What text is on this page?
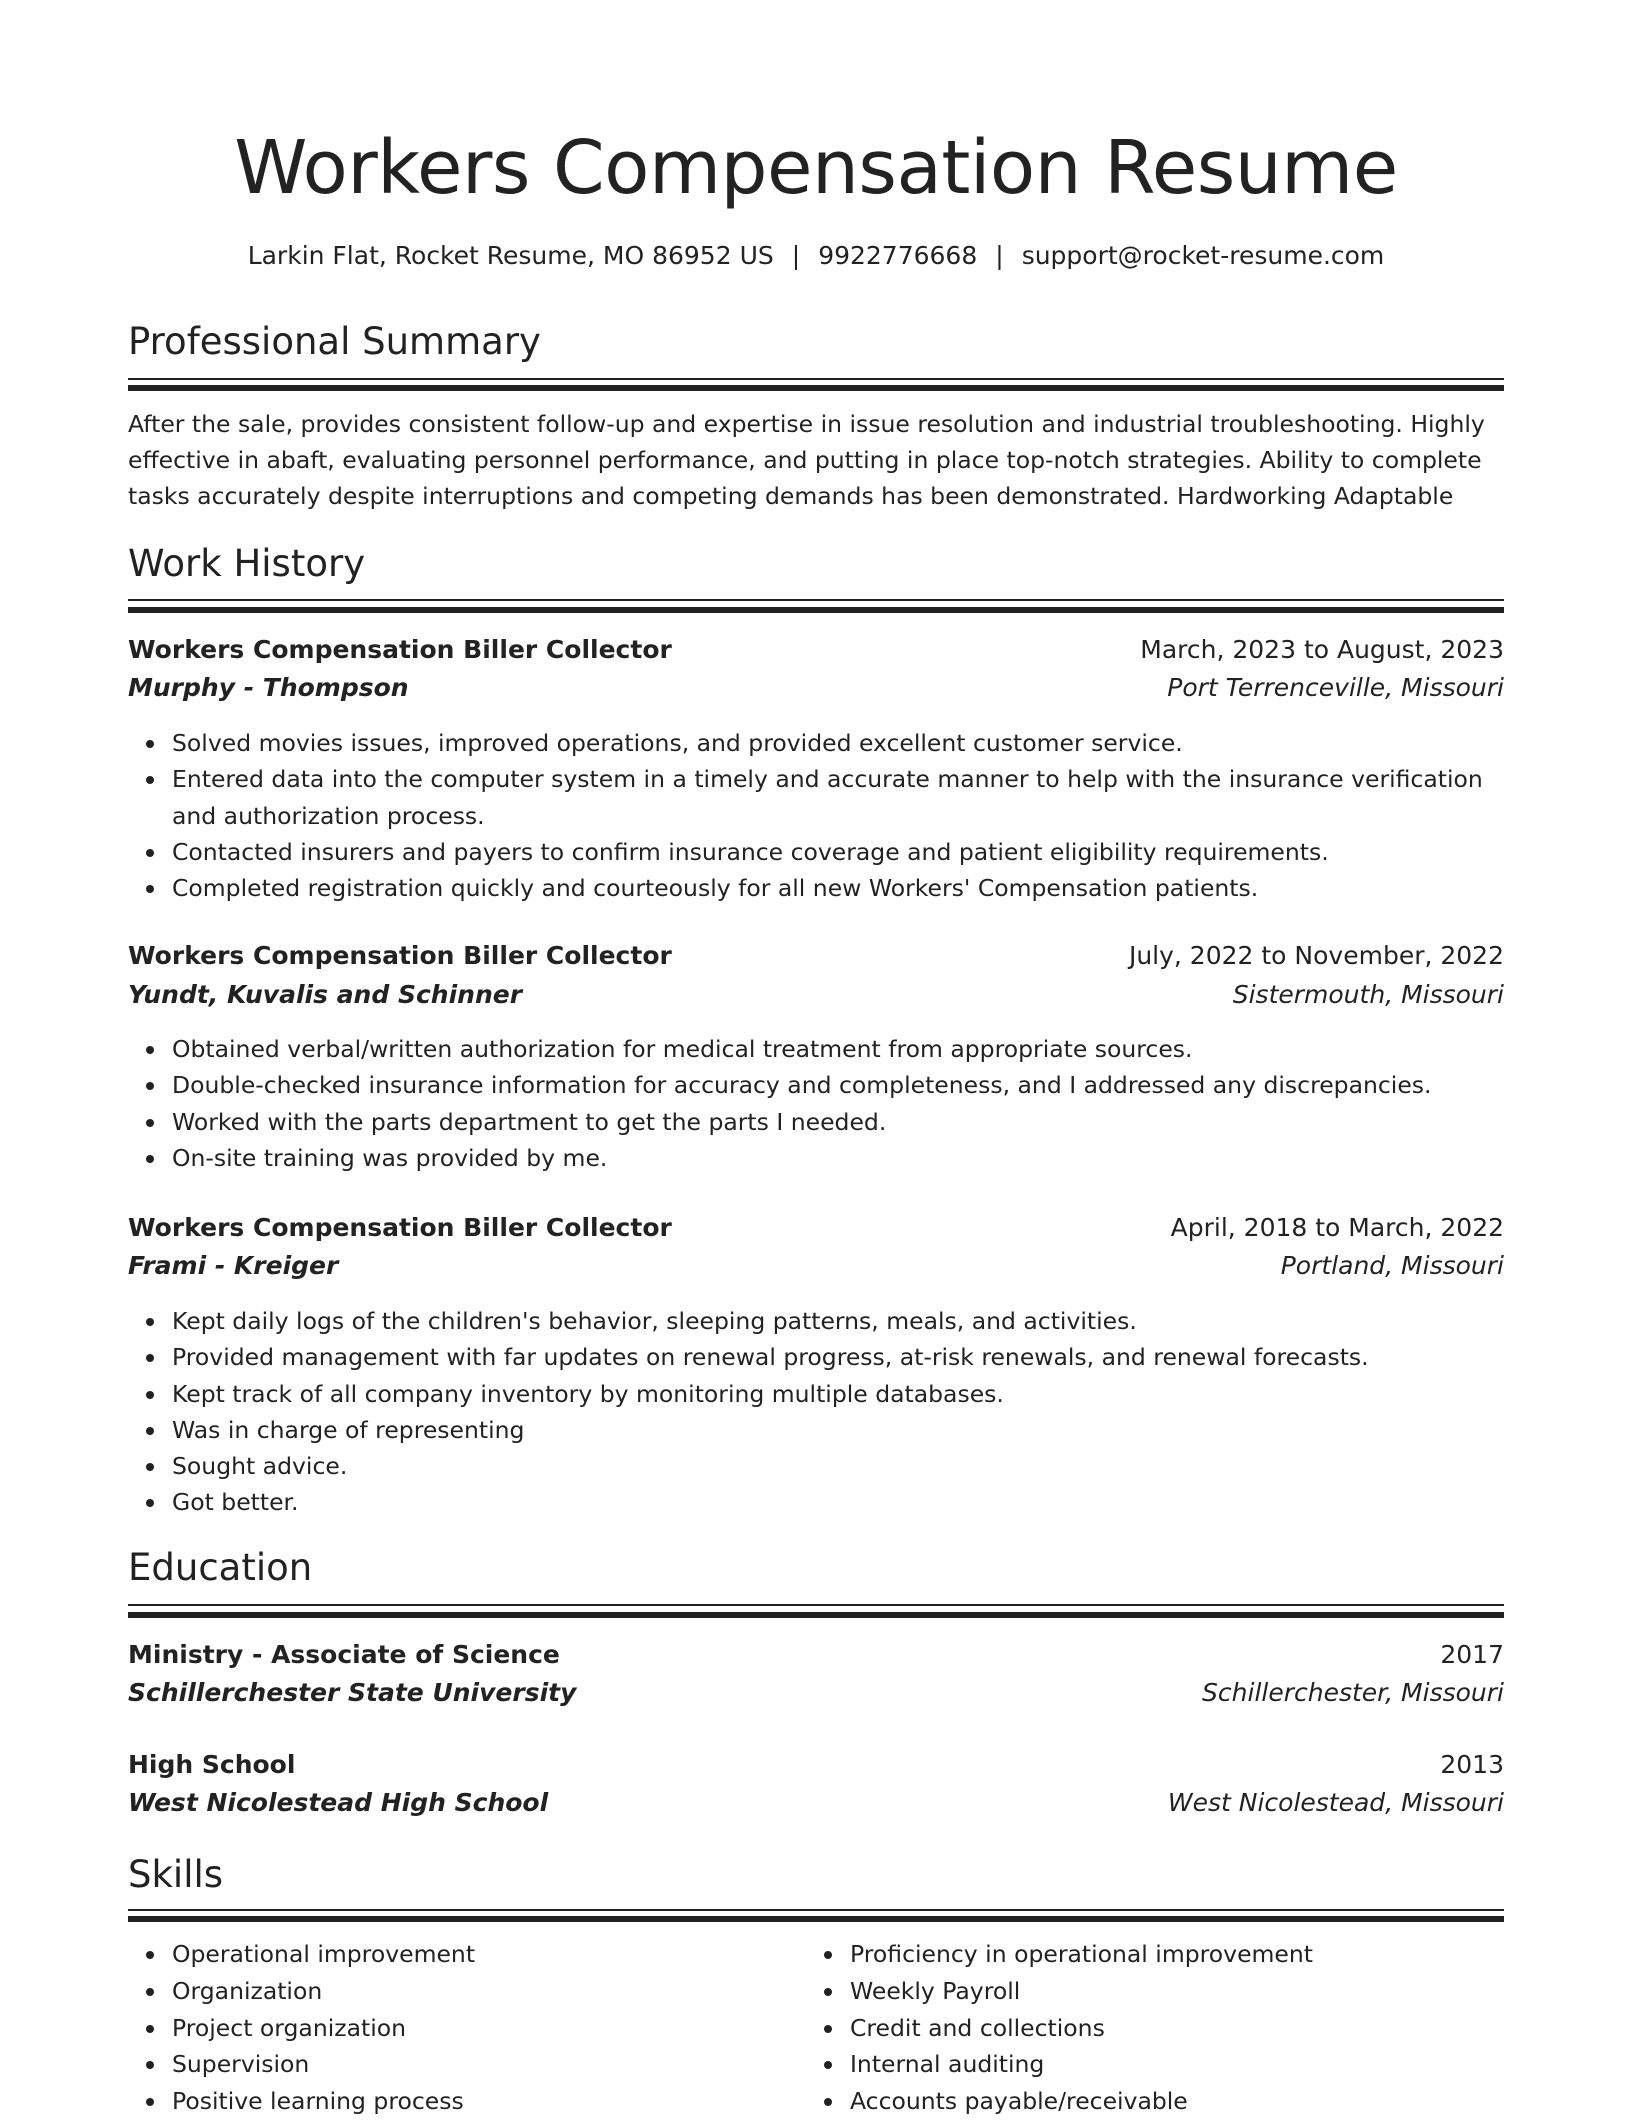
Workers Compensation Resume
Larkin Flat, Rocket Resume, MO 86952 US | 9922776668 | support@rocket-resume.com
Professional Summary

After the sale, provides consistent follow-up and expertise in issue resolution and industrial troubleshooting. Highly effective in abaft, evaluating personnel performance, and putting in place top-notch strategies. Ability to complete tasks accurately despite interruptions and competing demands has been demonstrated. Hardworking Adaptable

Work History
Workers Compensation Biller Collector	March, 2023 to August, 2023
Murphy - Thompson	Port Terrenceville, Missouri
Solved movies issues, improved operations, and provided excellent customer service.
Entered data into the computer system in a timely and accurate manner to help with the insurance verification and authorization process.
Contacted insurers and payers to confirm insurance coverage and patient eligibility requirements.
Completed registration quickly and courteously for all new Workers' Compensation patients.
Workers Compensation Biller Collector	July, 2022 to November, 2022
Yundt, Kuvalis and Schinner	Sistermouth, Missouri
Obtained verbal/written authorization for medical treatment from appropriate sources.
Double-checked insurance information for accuracy and completeness, and I addressed any discrepancies.
Worked with the parts department to get the parts I needed.
On-site training was provided by me.
Workers Compensation Biller Collector	April, 2018 to March, 2022
Frami - Kreiger	Portland, Missouri
Kept daily logs of the children's behavior, sleeping patterns, meals, and activities.
Provided management with far updates on renewal progress, at-risk renewals, and renewal forecasts.
Kept track of all company inventory by monitoring multiple databases.
Was in charge of representing
Sought advice.
Got better.
Education
Ministry - Associate of Science	2017
Schillerchester State University	Schillerchester, Missouri
High School	2013
West Nicolestead High School	West Nicolestead, Missouri
Skills
Operational improvement
Organization
Project organization
Supervision
Positive learning process
Proficiency in operational improvement
Weekly Payroll
Credit and collections
Internal auditing
Accounts payable/receivable
